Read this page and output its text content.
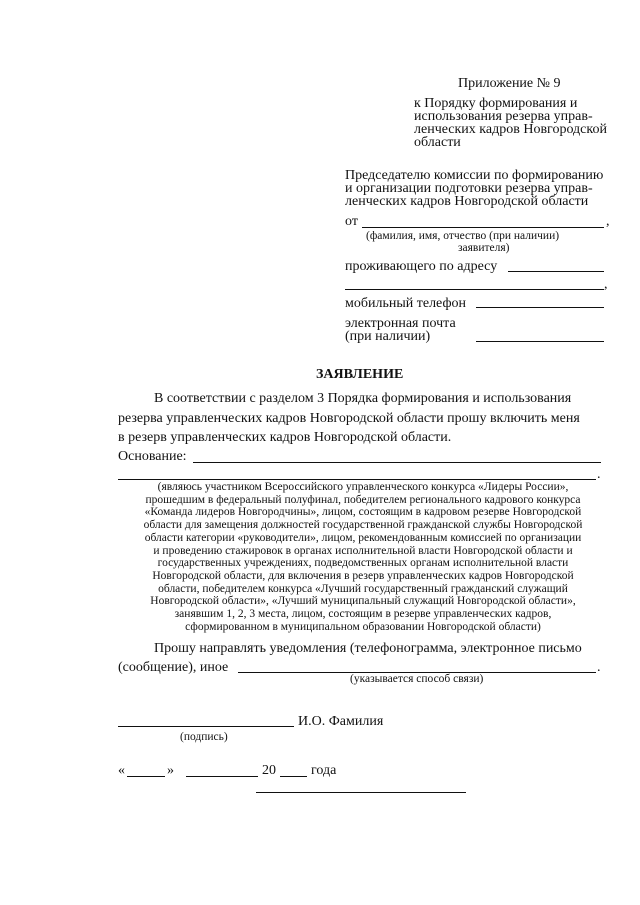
Приложение № 9
к Порядку формирования и
использования резерва управ-
ленческих кадров Новгородской
области
Председателю комиссии по формированию
и организации подготовки резерва управ-
ленческих кадров Новгородской области
от	,
(фамилия, имя, отчество (при наличии)
заявителя)
проживающего по адресу
,
мобильный телефон
электронная почта
(при наличии)
ЗАЯВЛЕНИЕ
В соответствии с разделом 3 Порядка формирования и использования
резерва управленческих кадров Новгородской области прошу включить меня
в резерв управленческих кадров Новгородской области.
Основание:
.
(являюсь участником Всероссийского управленческого конкурса «Лидеры России»,
прошедшим в федеральный полуфинал, победителем регионального кадрового конкурса
«Команда лидеров Новгородчины», лицом, состоящим в кадровом резерве Новгородской
области для замещения должностей государственной гражданской службы Новгородской
области категории «руководители», лицом, рекомендованным комиссией по организации
и проведению стажировок в органах исполнительной власти Новгородской области и
государственных учреждениях, подведомственных органам исполнительной власти
Новгородской области, для включения в резерв управленческих кадров Новгородской
области, победителем конкурса «Лучший государственный гражданский служащий
Новгородской области», «Лучший муниципальный служащий Новгородской области»,
занявшим 1, 2, 3 места, лицом, состоящим в резерве управленческих кадров,
сформированном в муниципальном образовании Новгородской области)
Прошу направлять уведомления (телефонограмма, электронное письмо
(сообщение), иное	.
(указывается способ связи)
И.О. Фамилия
(подпись)
«	»	20	года
